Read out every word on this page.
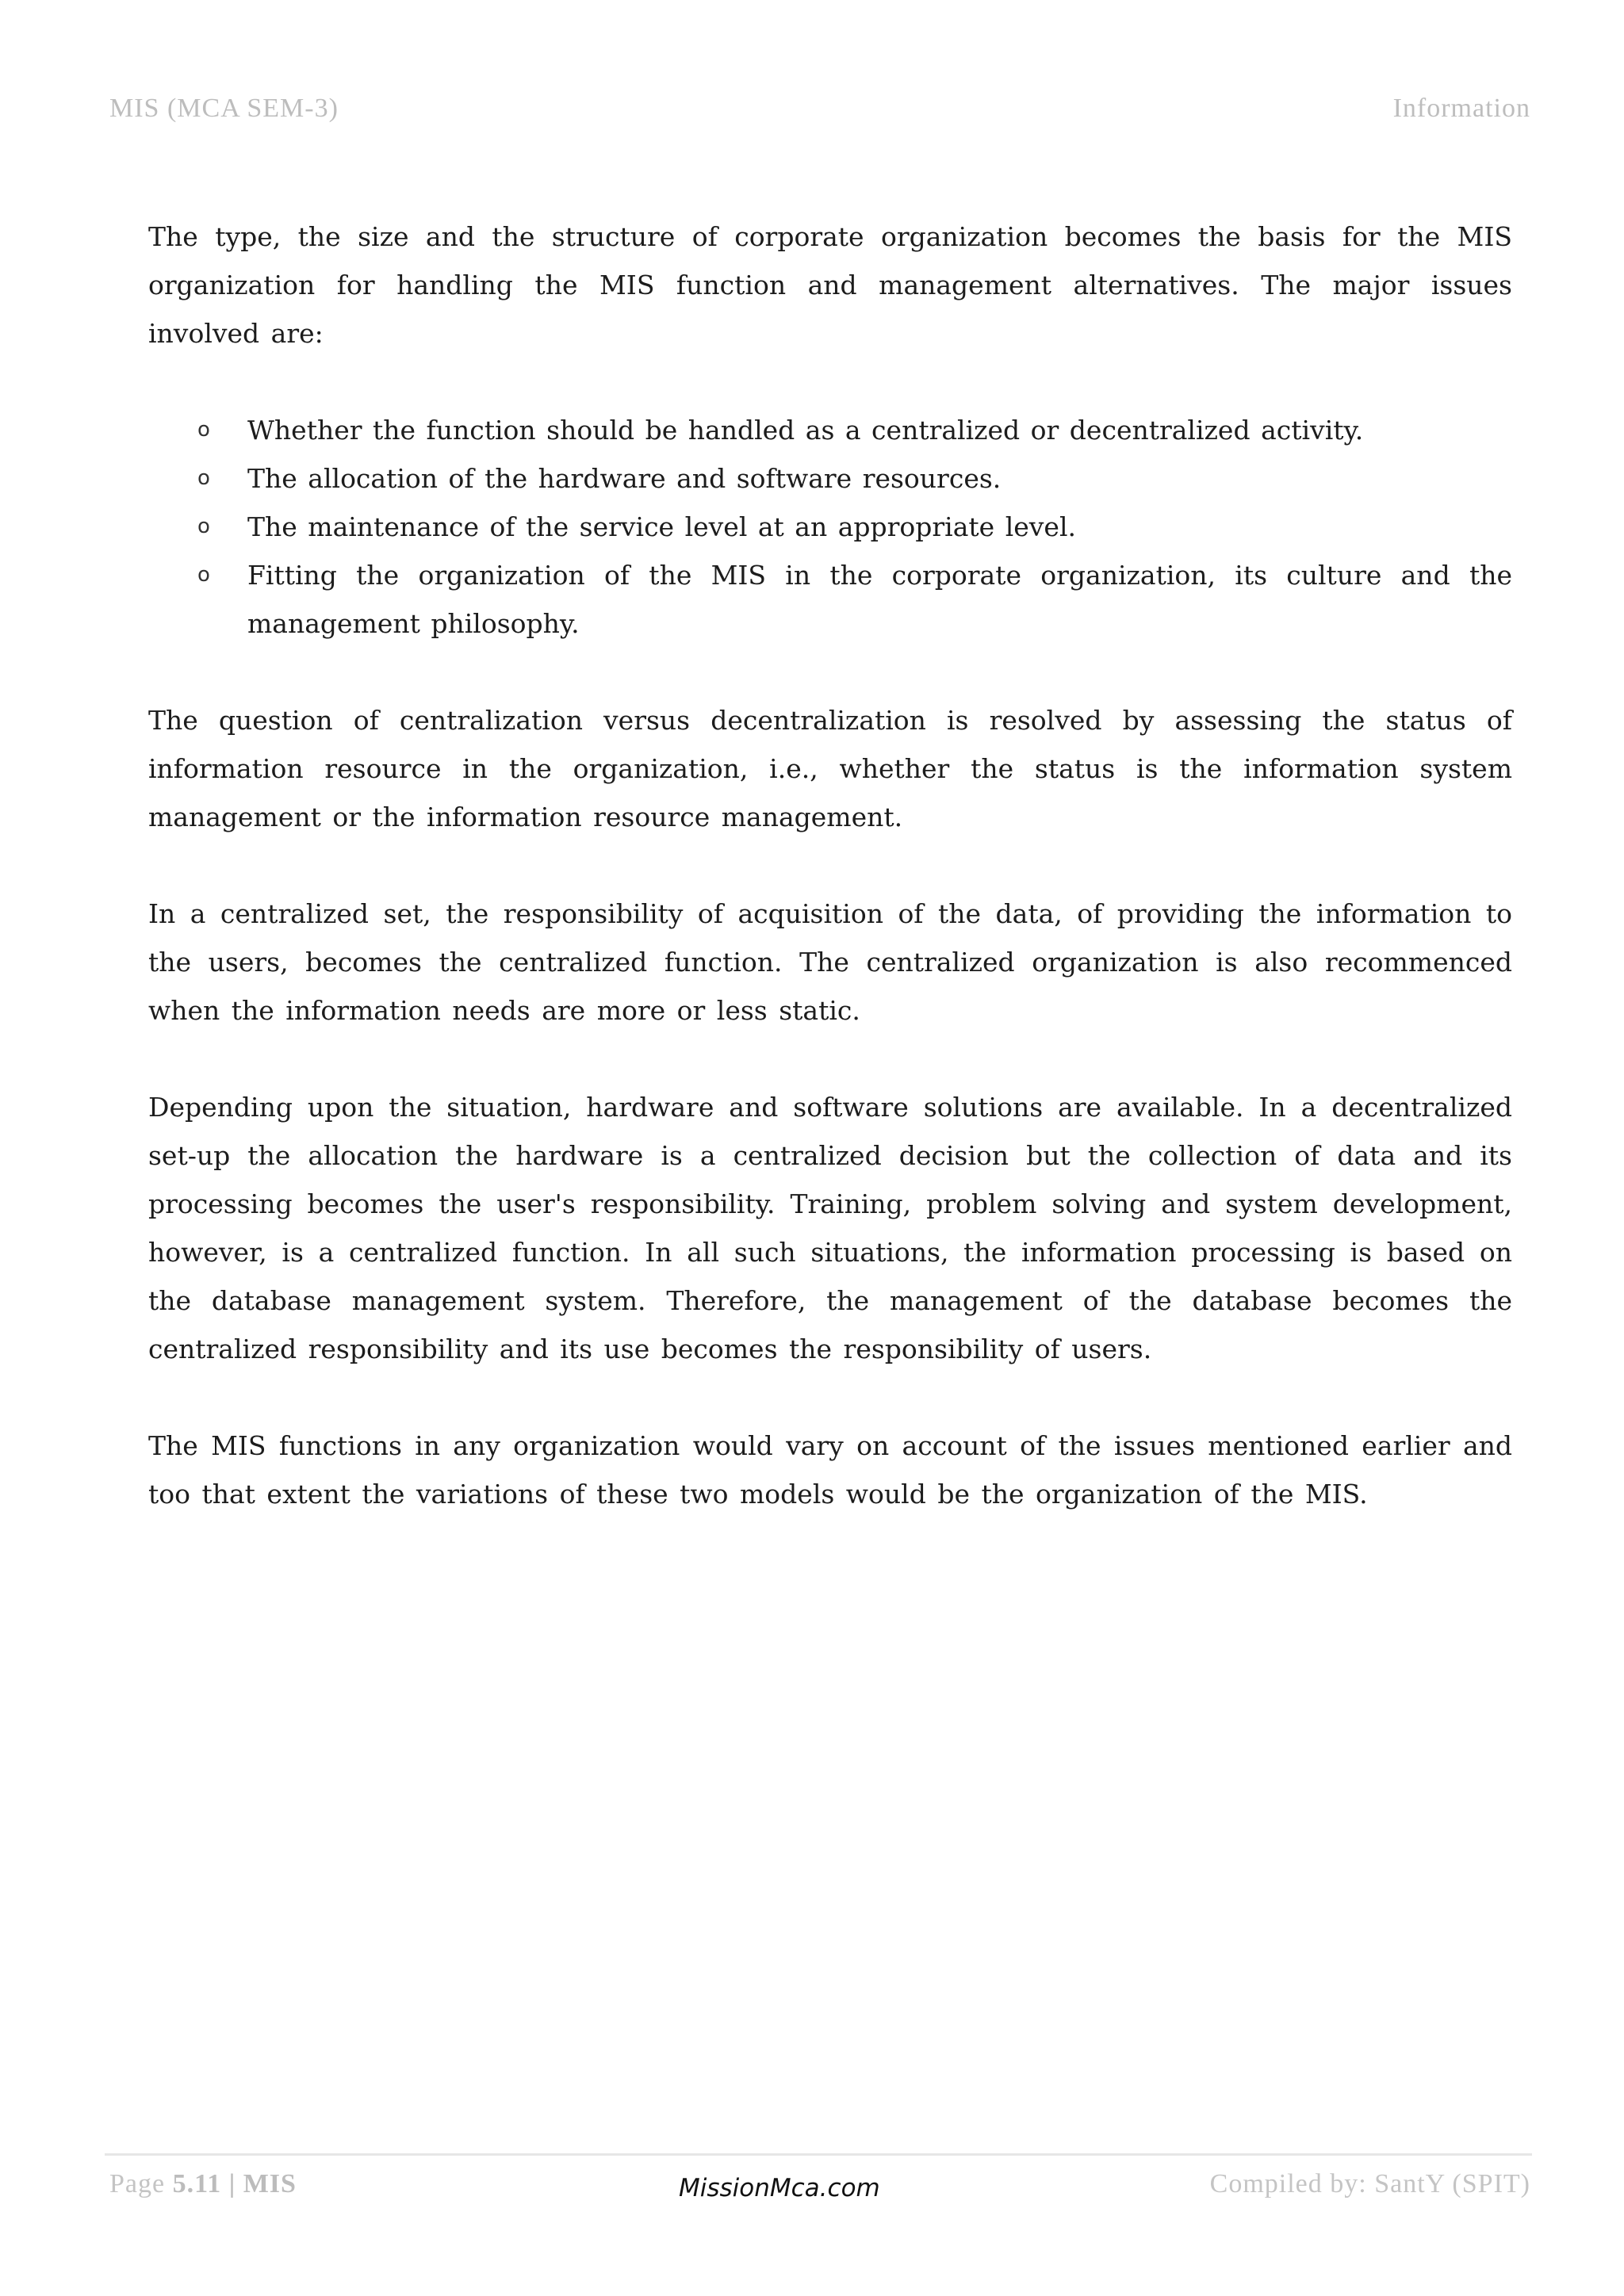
MIS (MCA SEM-3)	Information

The type, the size and the structure of corporate organization becomes the basis for the MIS organization for handling the MIS function and management alternatives. The major issues involved are:

o Whether the function should be handled as a centralized or decentralized activity.
o The allocation of the hardware and software resources.
o The maintenance of the service level at an appropriate level.
o Fitting the organization of the MIS in the corporate organization, its culture and the management philosophy.

The question of centralization versus decentralization is resolved by assessing the status of information resource in the organization, i.e., whether the status is the information system management or the information resource management.

In a centralized set, the responsibility of acquisition of the data, of providing the information to the users, becomes the centralized function. The centralized organization is also recommenced when the information needs are more or less static.

Depending upon the situation, hardware and software solutions are available. In a decentralized set-up the allocation the hardware is a centralized decision but the collection of data and its processing becomes the user's responsibility. Training, problem solving and system development, however, is a centralized function. In all such situations, the information processing is based on the database management system. Therefore, the management of the database becomes the centralized responsibility and its use becomes the responsibility of users.

The MIS functions in any organization would vary on account of the issues mentioned earlier and too that extent the variations of these two models would be the organization of the MIS.

Page 5.11 | MIS	MissionMca.com	Compiled by: SantY (SPIT)
